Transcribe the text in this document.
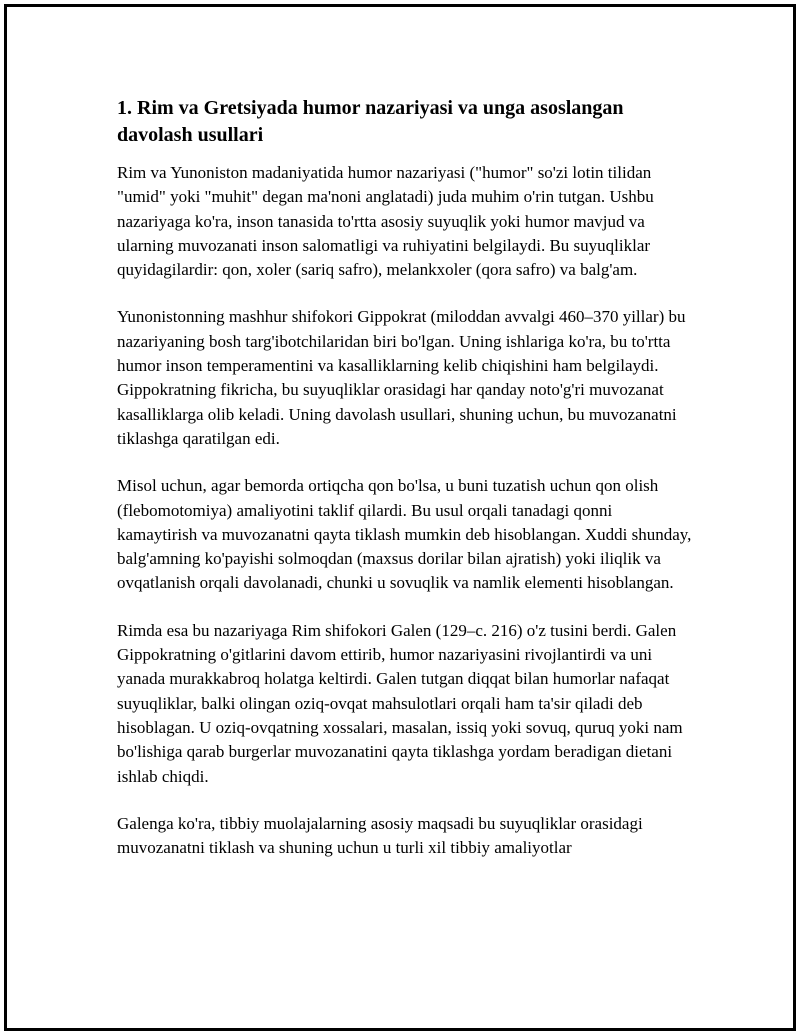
1. Rim va Gretsiyada humor nazariyasi va unga asoslangan davolash usullari

Rim va Yunoniston madaniyatida humor nazariyasi ("humor" so'zi lotin tilidan "umid" yoki "muhit" degan ma'noni anglatadi) juda muhim o'rin tutgan. Ushbu nazariyaga ko'ra, inson tanasida to'rtta asosiy suyuqlik yoki humor mavjud va ularning muvozanati inson salomatligi va ruhiyatini belgilaydi. Bu suyuqliklar quyidagilardir: qon, xoler (sariq safro), melankxoler (qora safro) va balg'am.

Yunonistonning mashhur shifokori Gippokrat (miloddan avvalgi 460–370 yillar) bu nazariyaning bosh targ'ibotchilaridan biri bo'lgan. Uning ishlariga ko'ra, bu to'rtta humor inson temperamentini va kasalliklarning kelib chiqishini ham belgilaydi. Gippokratning fikricha, bu suyuqliklar orasidagi har qanday noto'g'ri muvozanat kasalliklarga olib keladi. Uning davolash usullari, shuning uchun, bu muvozanatni tiklashga qaratilgan edi.

Misol uchun, agar bemorda ortiqcha qon bo'lsa, u buni tuzatish uchun qon olish (flebomotomiya) amaliyotini taklif qilardi. Bu usul orqali tanadagi qonni kamaytirish va muvozanatni qayta tiklash mumkin deb hisoblangan. Xuddi shunday, balg'amning ko'payishi solmoqdan (maxsus dorilar bilan ajratish) yoki iliqlik va ovqatlanish orqali davolanadi, chunki u sovuqlik va namlik elementi hisoblangan.

Rimda esa bu nazariyaga Rim shifokori Galen (129–c. 216) o'z tusini berdi. Galen Gippokratning o'gitlarini davom ettirib, humor nazariyasini rivojlantirdi va uni yanada murakkabroq holatga keltirdi. Galen tutgan diqqat bilan humorlar nafaqat suyuqliklar, balki olingan oziq-ovqat mahsulotlari orqali ham ta'sir qiladi deb hisoblagan. U oziq-ovqatning xossalari, masalan, issiq yoki sovuq, quruq yoki nam bo'lishiga qarab burgerlar muvozanatini qayta tiklashga yordam beradigan dietani ishlab chiqdi.

Galenga ko'ra, tibbiy muolajalarning asosiy maqsadi bu suyuqliklar orasidagi muvozanatni tiklash va shuning uchun u turli xil tibbiy amaliyotlar
